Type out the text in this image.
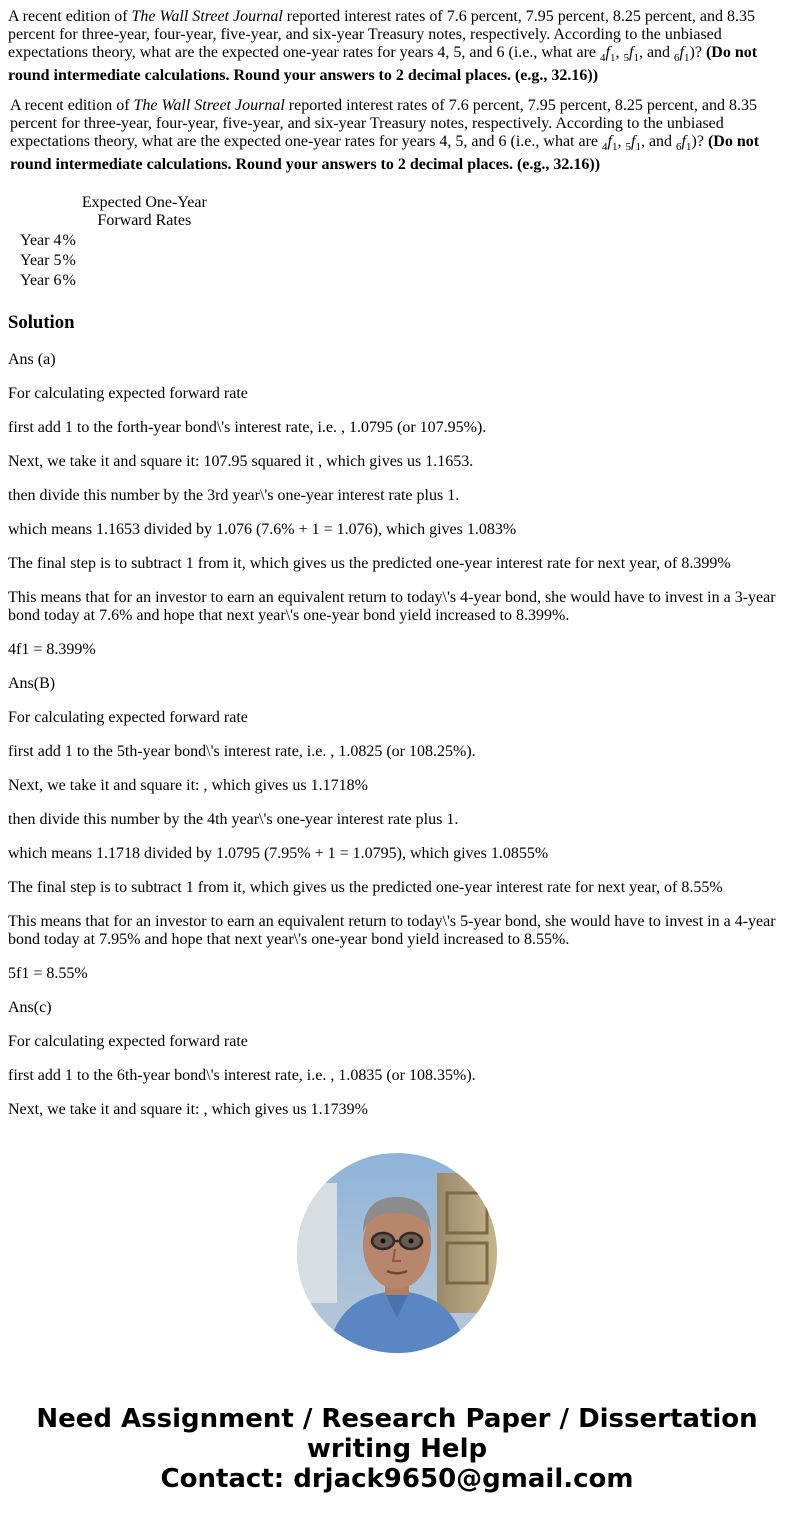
A recent edition of The Wall Street Journal reported interest rates of 7.6 percent, 7.95 percent, 8.25 percent, and 8.35 percent for three-year, four-year, five-year, and six-year Treasury notes, respectively. According to the unbiased expectations theory, what are the expected one-year rates for years 4, 5, and 6 (i.e., what are $_4f_1$, $_5f_1$, and $_6f_1$)? (Do not round intermediate calculations. Round your answers to 2 decimal places. (e.g., 32.16))
A recent edition of The Wall Street Journal reported interest rates of 7.6 percent, 7.95 percent, 8.25 percent, and 8.35 percent for three-year, four-year, five-year, and six-year Treasury notes, respectively. According to the unbiased expectations theory, what are the expected one-year rates for years 4, 5, and 6 (i.e., what are $_4f_1$, $_5f_1$, and $_6f_1$)? (Do not round intermediate calculations. Round your answers to 2 decimal places. (e.g., 32.16))

	Expected One-Year
Forward Rates

Year 4%	
Year 5%	
Year 6%	
Solution

Ans (a)

For calculating expected forward rate

first add 1 to the forth-year bond\'s interest rate, i.e. , 1.0795 (or 107.95%).

Next, we take it and square it: 107.95 squared it , which gives us 1.1653.

then divide this number by the 3rd year\'s one-year interest rate plus 1.

which means 1.1653 divided by 1.076 (7.6% + 1 = 1.076), which gives 1.083%

The final step is to subtract 1 from it, which gives us the predicted one-year interest rate for next year, of 8.399%

This means that for an investor to earn an equivalent return to today\'s 4-year bond, she would have to invest in a 3-year bond today at 7.6% and hope that next year\'s one-year bond yield increased to 8.399%.

4f1 = 8.399%

Ans(B)

For calculating expected forward rate

first add 1 to the 5th-year bond\'s interest rate, i.e. , 1.0825 (or 108.25%).

Next, we take it and square it: , which gives us 1.1718%

then divide this number by the 4th year\'s one-year interest rate plus 1.

which means 1.1718 divided by 1.0795 (7.95% + 1 = 1.0795), which gives 1.0855%

The final step is to subtract 1 from it, which gives us the predicted one-year interest rate for next year, of 8.55%

This means that for an investor to earn an equivalent return to today\'s 5-year bond, she would have to invest in a 4-year bond today at 7.95% and hope that next year\'s one-year bond yield increased to 8.55%.

5f1 = 8.55%

Ans(c)

For calculating expected forward rate

first add 1 to the 6th-year bond\'s interest rate, i.e. , 1.0835 (or 108.35%).

Next, we take it and square it: , which gives us 1.1739%

Need Assignment / Research Paper / Dissertation
writing Help
Contact: drjack9650@gmail.com
